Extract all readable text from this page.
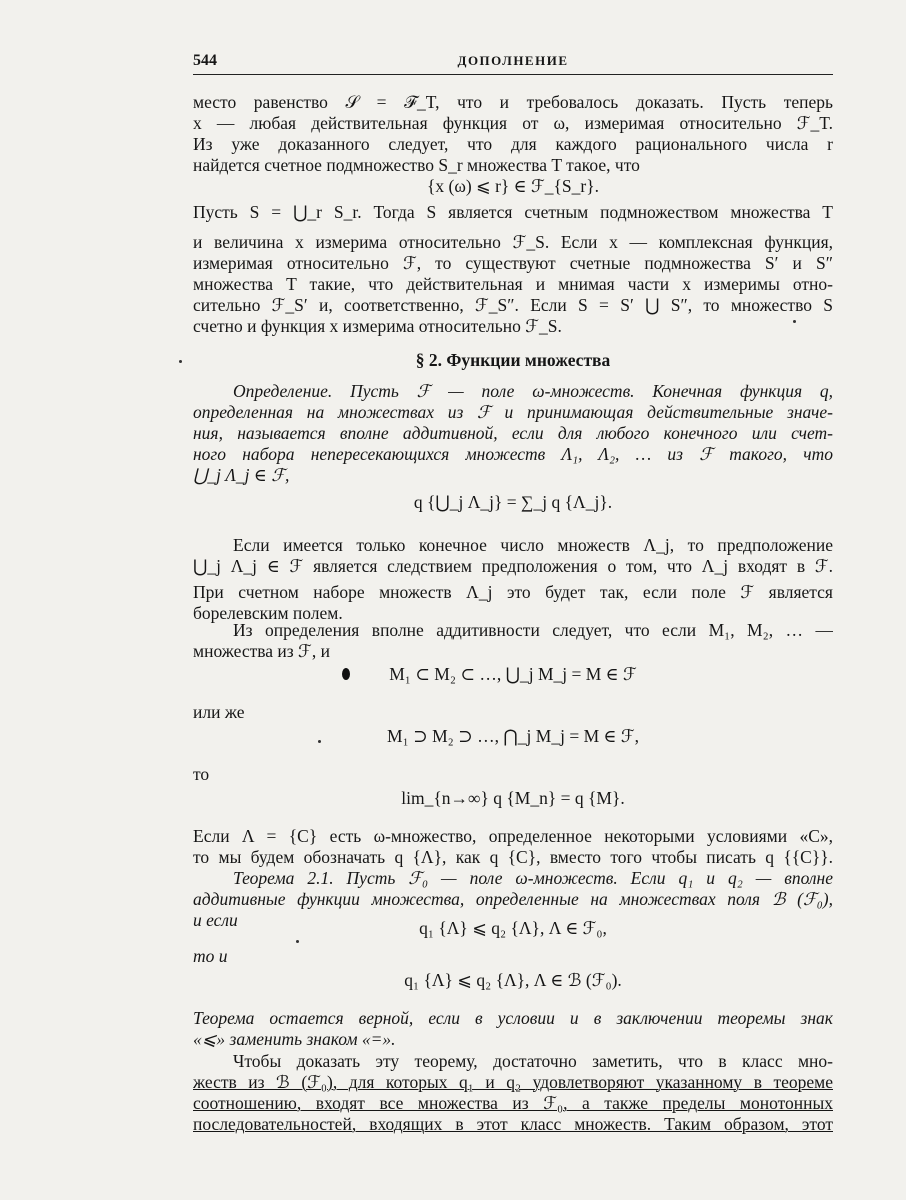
544	ДОПОЛНЕНИЕ
место равенство 𝒮 = ℱ_T, что и требовалось доказать. Пусть теперь
x — любая действительная функция от ω, измеримая относительно ℱ_T.
Из уже доказанного следует, что для каждого рационального числа r
найдется счетное подмножество S_r множества T такое, что
{x (ω) ⩽ r} ∈ ℱ_{S_r}.
Пусть S = ⋃_r S_r. Тогда S является счетным подмножеством множества T
и величина x измерима относительно ℱ_S. Если x — комплексная функция,
измеримая относительно ℱ, то существуют счетные подмножества S′ и S″
множества T такие, что действительная и мнимая части x измеримы отно-
сительно ℱ_S′ и, соответственно, ℱ_S″. Если S = S′ ⋃ S″, то множество S
счетно и функция x измерима относительно ℱ_S.
§ 2. Функции множества
Определение. Пусть ℱ — поле ω-множеств. Конечная функция q,
определенная на множествах из ℱ и принимающая действительные значе-
ния, называется вполне аддитивной, если для любого конечного или счет-
ного набора непересекающихся множеств Λ₁, Λ₂, … из ℱ такого, что
⋃_j Λ_j ∈ ℱ,
q {⋃_j Λ_j} = ∑_j q {Λ_j}.
Если имеется только конечное число множеств Λ_j, то предположение
⋃_j Λ_j ∈ ℱ является следствием предположения о том, что Λ_j входят в ℱ.
При счетном наборе множеств Λ_j это будет так, если поле ℱ является
борелевским полем.
Из определения вполне аддитивности следует, что если M₁, M₂, … —
множества из ℱ, и
M₁ ⊂ M₂ ⊂ …, ⋃_j M_j = M ∈ ℱ
или же
M₁ ⊃ M₂ ⊃ …, ⋂_j M_j = M ∈ ℱ,
то
lim_{n→∞} q {M_n} = q {M}.
Если Λ = {C} есть ω-множество, определенное некоторыми условиями «C»,
то мы будем обозначать q {Λ}, как q {C}, вместо того чтобы писать q {{C}}.
Теорема 2.1. Пусть ℱ₀ — поле ω-множеств. Если q₁ и q₂ — вполне
аддитивные функции множества, определенные на множествах поля ℬ (ℱ₀),
и если	q₁ {Λ} ⩽ q₂ {Λ}, Λ ∈ ℱ₀,
то и
q₁ {Λ} ⩽ q₂ {Λ}, Λ ∈ ℬ (ℱ₀).
Теорема остается верной, если в условии и в заключении теоремы знак
«⩽» заменить знаком «=».
Чтобы доказать эту теорему, достаточно заметить, что в класс мно-
жеств из ℬ (ℱ₀), для которых q₁ и q₂ удовлетворяют указанному в теореме
соотношению, входят все множества из ℱ₀, а также пределы монотонных
последовательностей, входящих в этот класс множеств. Таким образом, этот
